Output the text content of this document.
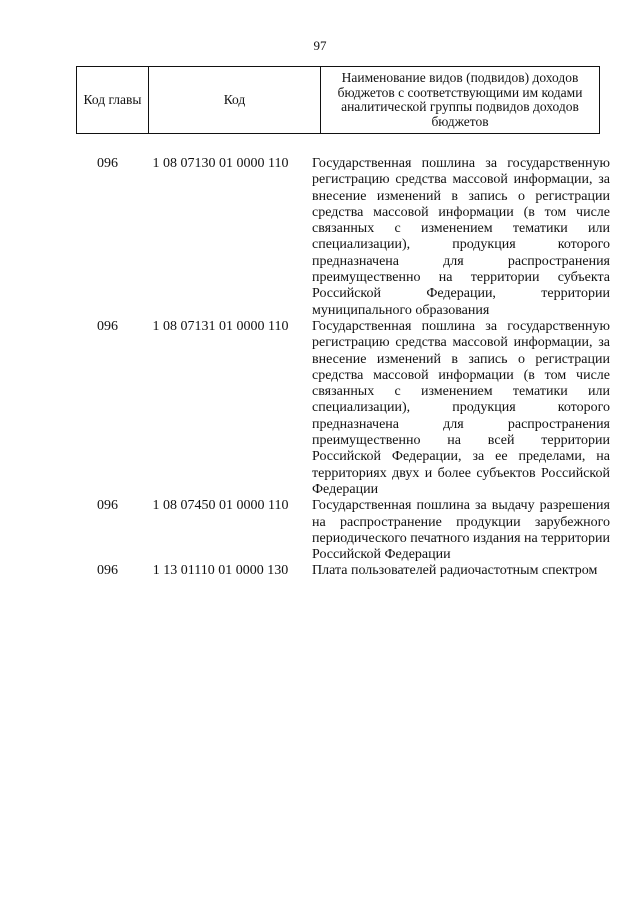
97
Код главы	Код	Наименование видов (подвидов) доходов бюджетов с соответствующими им кодами аналитической группы подвидов доходов бюджетов
096	1 08 07130 01 0000 110	Государственная пошлина за государственную регистрацию средства массовой информации, за внесение изменений в запись о регистрации средства массовой информации (в том числе связанных с изменением тематики или специализации), продукция которого предназначена для распространения преимущественно на территории субъекта Российской Федерации, территории муниципального образования
096	1 08 07131 01 0000 110	Государственная пошлина за государственную регистрацию средства массовой информации, за внесение изменений в запись о регистрации средства массовой информации (в том числе связанных с изменением тематики или специализации), продукция которого предназначена для распространения преимущественно на всей территории Российской Федерации, за ее пределами, на территориях двух и более субъектов Российской Федерации
096	1 08 07450 01 0000 110	Государственная пошлина за выдачу разрешения на распространение продукции зарубежного периодического печатного издания на территории Российской Федерации
096	1 13 01110 01 0000 130	Плата пользователей радиочастотным спектром
